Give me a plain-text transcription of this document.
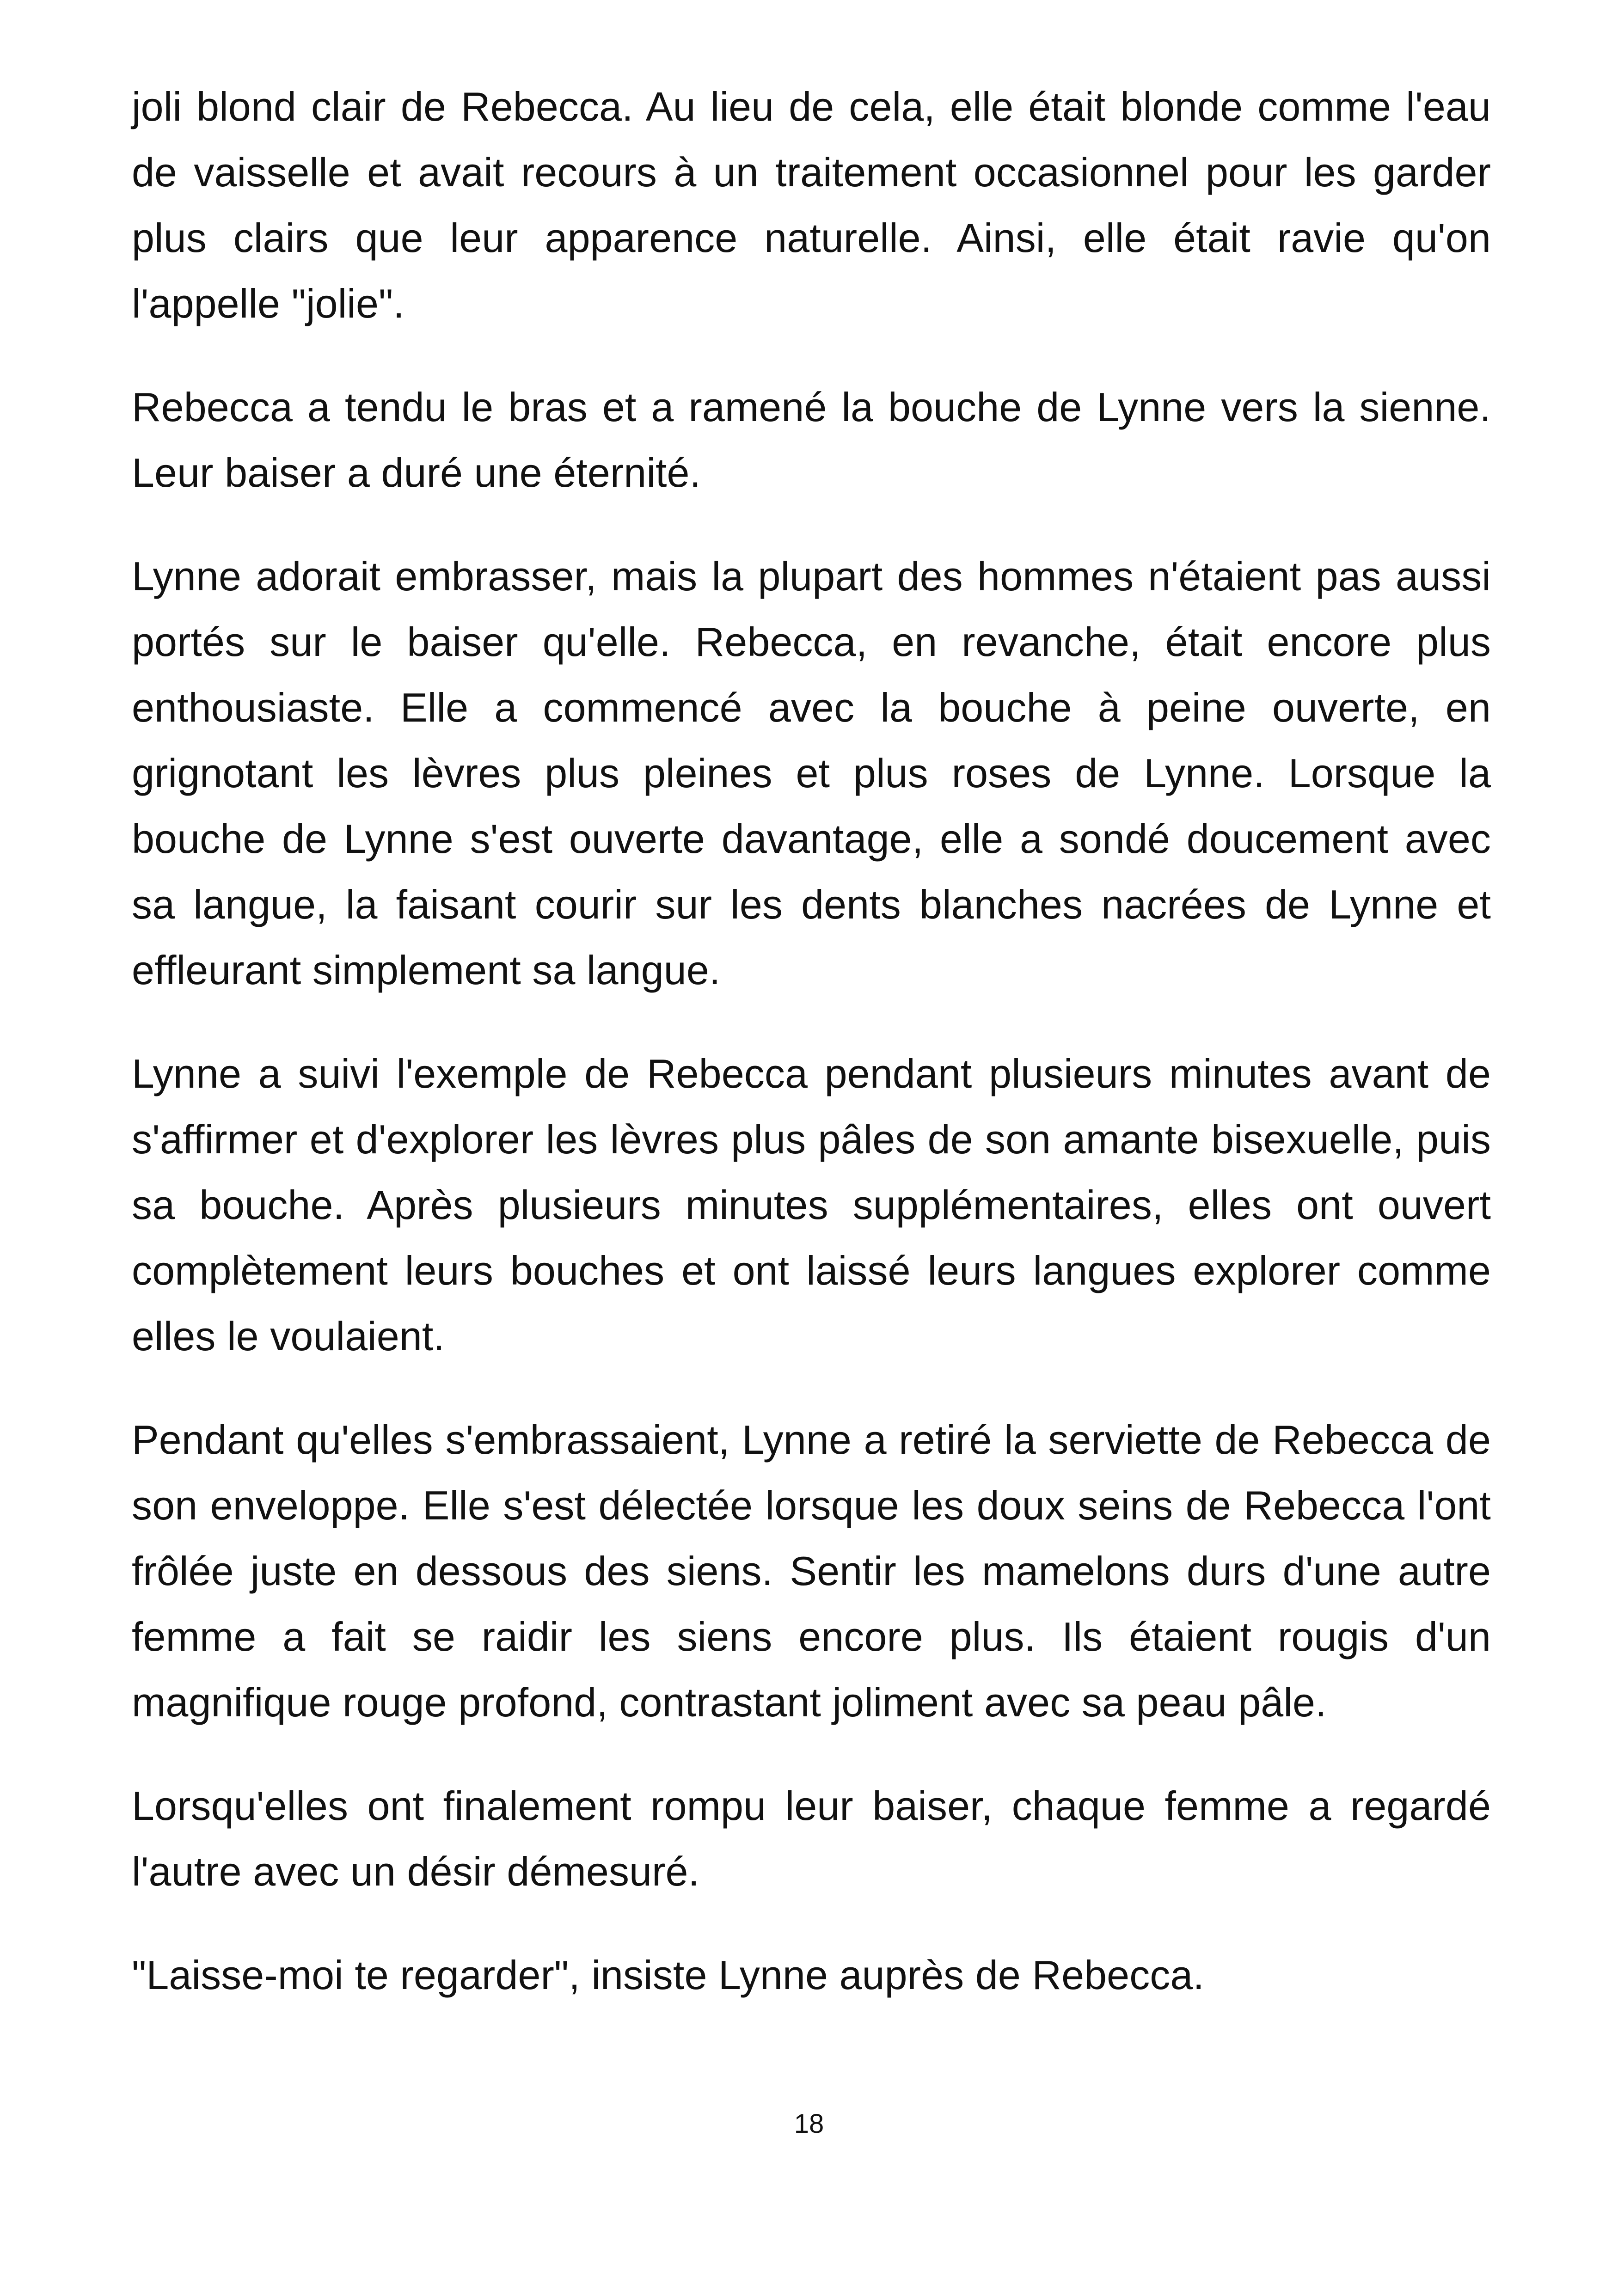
joli blond clair de Rebecca. Au lieu de cela, elle était blonde comme l'eau de vaisselle et avait recours à un traitement occasionnel pour les garder plus clairs que leur apparence naturelle. Ainsi, elle était ravie qu'on l'appelle "jolie".

Rebecca a tendu le bras et a ramené la bouche de Lynne vers la sienne. Leur baiser a duré une éternité.

Lynne adorait embrasser, mais la plupart des hommes n'étaient pas aussi portés sur le baiser qu'elle. Rebecca, en revanche, était encore plus enthousiaste. Elle a commencé avec la bouche à peine ouverte, en grignotant les lèvres plus pleines et plus roses de Lynne. Lorsque la bouche de Lynne s'est ouverte davantage, elle a sondé doucement avec sa langue, la faisant courir sur les dents blanches nacrées de Lynne et effleurant simplement sa langue.

Lynne a suivi l'exemple de Rebecca pendant plusieurs minutes avant de s'affirmer et d'explorer les lèvres plus pâles de son amante bisexuelle, puis sa bouche. Après plusieurs minutes supplémentaires, elles ont ouvert complètement leurs bouches et ont laissé leurs langues explorer comme elles le voulaient.

Pendant qu'elles s'embrassaient, Lynne a retiré la serviette de Rebecca de son enveloppe. Elle s'est délectée lorsque les doux seins de Rebecca l'ont frôlée juste en dessous des siens. Sentir les mamelons durs d'une autre femme a fait se raidir les siens encore plus. Ils étaient rougis d'un magnifique rouge profond, contrastant joliment avec sa peau pâle.

Lorsqu'elles ont finalement rompu leur baiser, chaque femme a regardé l'autre avec un désir démesuré.

"Laisse-moi te regarder", insiste Lynne auprès de Rebecca.

18
